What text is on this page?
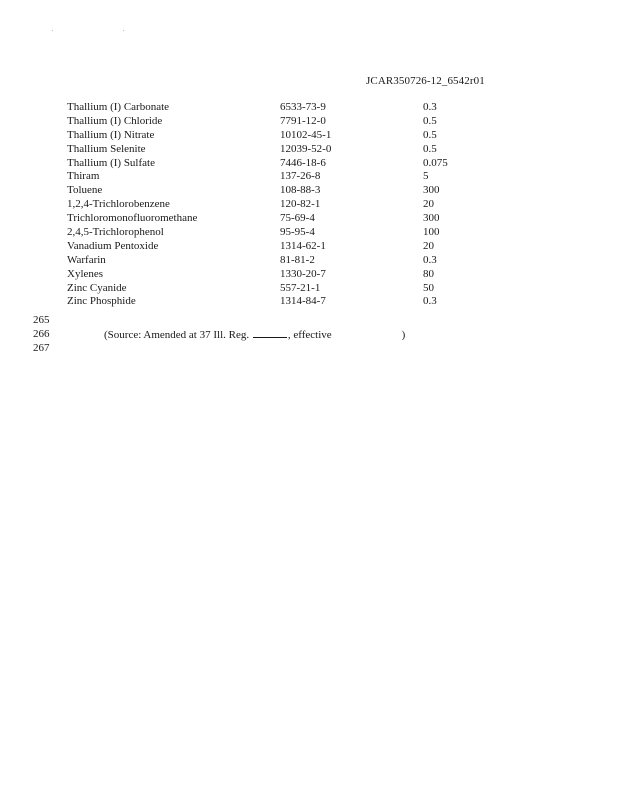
. .
JCAR350726-12_6542r01
Thallium (I) Carbonate	6533-73-9	0.3
Thallium (I) Chloride	7791-12-0	0.5
Thallium (I) Nitrate	10102-45-1	0.5
Thallium Selenite	12039-52-0	0.5
Thallium (I) Sulfate	7446-18-6	0.075
Thiram	137-26-8	5
Toluene	108-88-3	300
1,2,4-Trichlorobenzene	120-82-1	20
Trichloromonofluoromethane	75-69-4	300
2,4,5-Trichlorophenol	95-95-4	100
Vanadium Pentoxide	1314-62-1	20
Warfarin	81-81-2	0.3
Xylenes	1330-20-7	80
Zinc Cyanide	557-21-1	50
Zinc Phosphide	1314-84-7	0.3
265
266
267
(Source: Amended at 37 Ill. Reg.	, effective	)
